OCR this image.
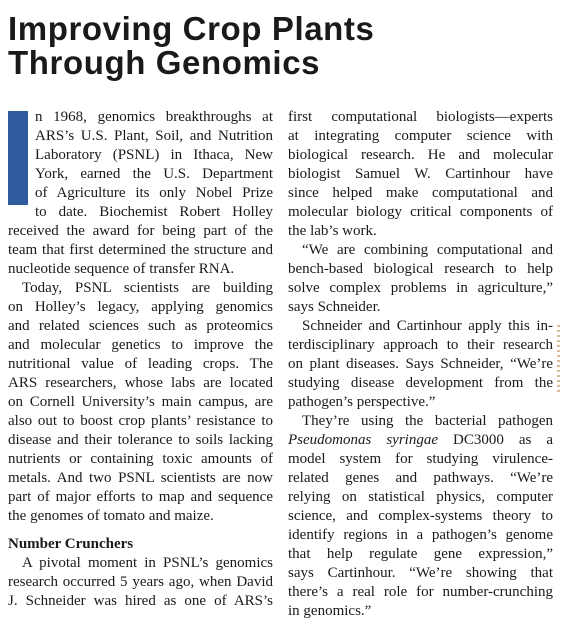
Improving Crop Plants
Through Genomics
n 1968, genomics breakthroughs at
ARS’s U.S. Plant, Soil, and Nutrition
Laboratory (PSNL) in Ithaca, New
York, earned the U.S. Department
of Agriculture its only Nobel Prize
to date. Biochemist Robert Holley
received the award for being part of the
team that first determined the structure and
nucleotide sequence of transfer RNA.
Today, PSNL scientists are building
on Holley’s legacy, applying genomics
and related sciences such as proteomics
and molecular genetics to improve the
nutritional value of leading crops. The
ARS researchers, whose labs are located
on Cornell University’s main campus, are
also out to boost crop plants’ resistance to
disease and their tolerance to soils lacking
nutrients or containing toxic amounts of
metals. And two PSNL scientists are now
part of major efforts to map and sequence
the genomes of tomato and maize.
Number Crunchers
A pivotal moment in PSNL’s genomics
research occurred 5 years ago, when David
J. Schneider was hired as one of ARS’s
first computational biologists—experts
at integrating computer science with
biological research. He and molecular
biologist Samuel W. Cartinhour have
since helped make computational and
molecular biology critical components of
the lab’s work.
“We are combining computational and
bench-based biological research to help
solve complex problems in agriculture,”
says Schneider.
Schneider and Cartinhour apply this in-
terdisciplinary approach to their research
on plant diseases. Says Schneider, “We’re
studying disease development from the
pathogen’s perspective.”
They’re using the bacterial pathogen
Pseudomonas syringae DC3000 as a
model system for studying virulence-
related genes and pathways. “We’re
relying on statistical physics, computer
science, and complex-systems theory to
identify regions in a pathogen’s genome
that help regulate gene expression,”
says Cartinhour. “We’re showing that
there’s a real role for number-crunching
in genomics.”
